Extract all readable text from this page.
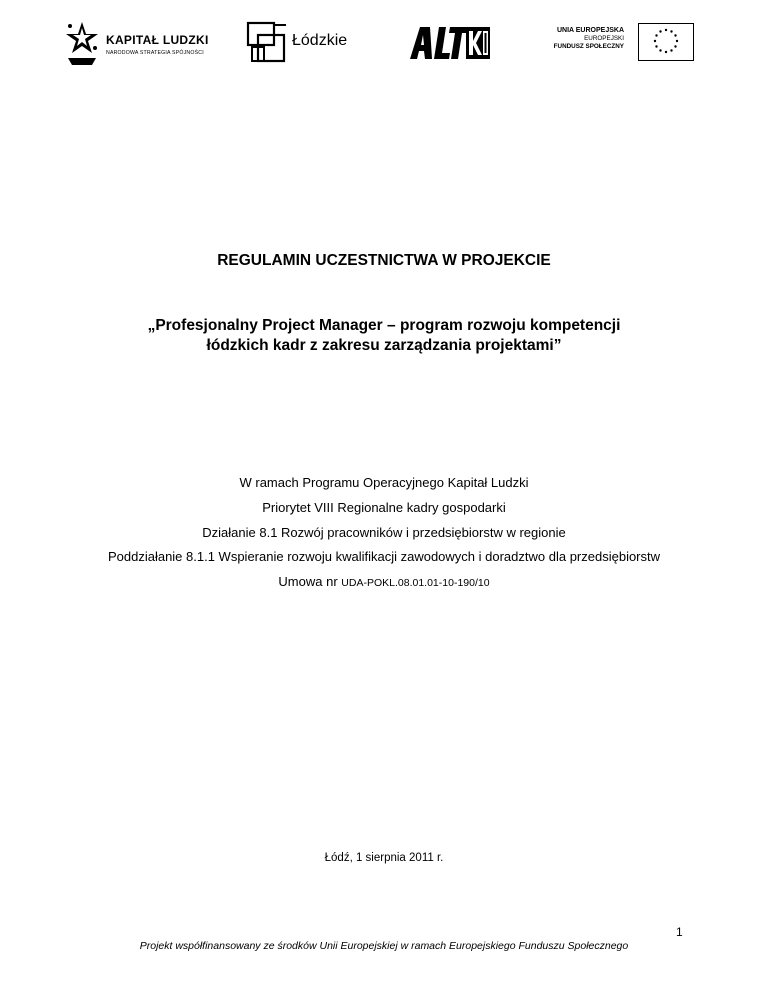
KAPITAŁ LUDZKI
NARODOWA STRATEGIA SPÓJNOŚCI
Łódzkie
UNIA EUROPEJSKA
EUROPEJSKI
FUNDUSZ SPOŁECZNY
REGULAMIN UCZESTNICTWA W PROJEKCIE
„Profesjonalny Project Manager – program rozwoju kompetencji
łódzkich kadr z zakresu zarządzania projektami”
W ramach Programu Operacyjnego Kapitał Ludzki
Priorytet VIII Regionalne kadry gospodarki
Działanie 8.1 Rozwój pracowników i przedsiębiorstw w regionie
Poddziałanie 8.1.1 Wspieranie rozwoju kwalifikacji zawodowych i doradztwo dla przedsiębiorstw
Umowa nr UDA-POKL.08.01.01-10-190/10
Łódź, 1 sierpnia 2011 r.
1
Projekt współfinansowany ze środków Unii Europejskiej w ramach Europejskiego Funduszu Społecznego
